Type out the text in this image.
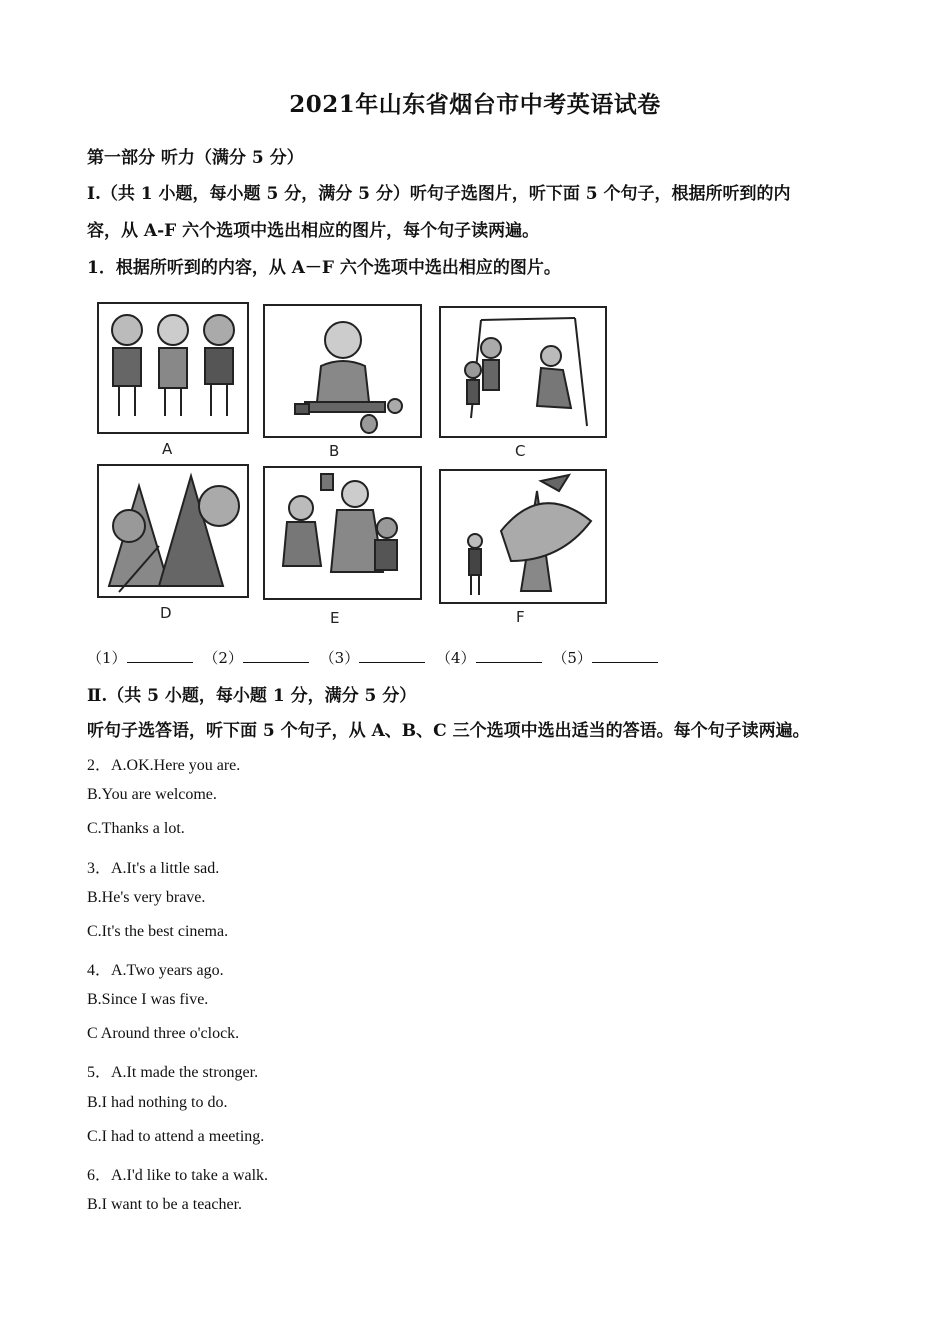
2021年山东省烟台市中考英语试卷
第一部分 听力（满分 5 分）
Ⅰ.（共 1 小题，每小题 5 分，满分 5 分）听句子选图片，听下面 5 个句子，根据所听到的内
容，从 A-F 六个选项中选出相应的图片，每个句子读两遍。
1．根据所听到的内容，从 A－F 六个选项中选出相应的图片。
A	B	C
D	E	F
（1）	（2）	（3）	（4）	（5）
Ⅱ.（共 5 小题，每小题 1 分，满分 5 分）
听句子选答语，听下面 5 个句子，从 A、B、C 三个选项中选出适当的答语。每个句子读两遍。
2．A.OK.Here you are.
B.You are welcome.
C.Thanks a lot.
3．A.It's a little sad.
B.He's very brave.
C.It's the best cinema.
4．A.Two years ago.
B.Since I was five.
C Around three o'clock.
5．A.It made the stronger.
B.I had nothing to do.
C.I had to attend a meeting.
6．A.I'd like to take a walk.
B.I want to be a teacher.
